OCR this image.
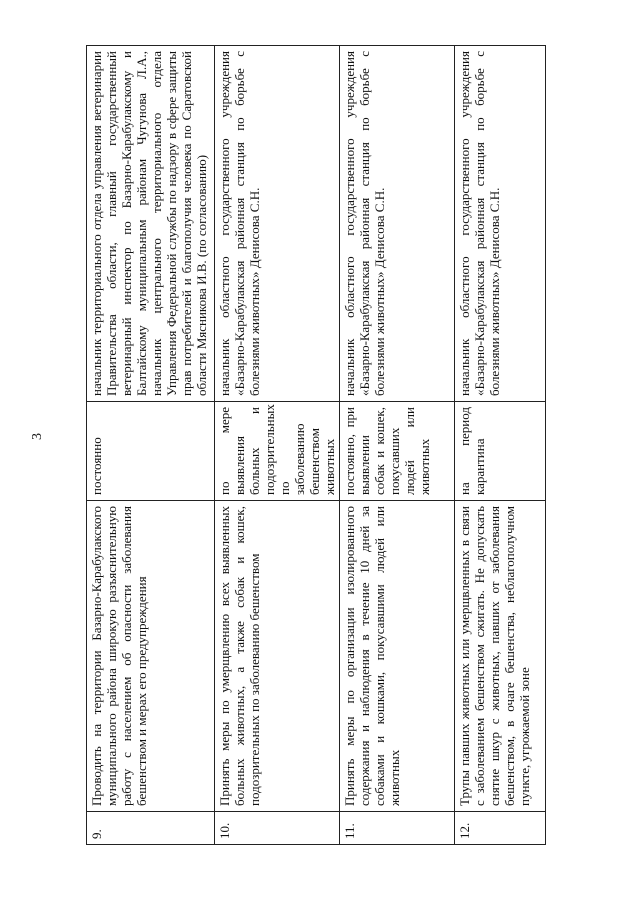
3
9.	Проводить на территории Базарно-Карабулакского муниципального района широкую разъяснительную работу с населением об опасности заболевания бешенством и мерах его предупреждения	постоянно	начальник территориального отдела управления ветеринарии Правительства области, главный государственный ветеринарный инспектор по Базарно-Карабулакскому и Балтайскому муниципальным районам Чугунова Л.А., начальник центрального территориального отдела Управления Федеральной службы по надзору в сфере защиты прав потребителей и благополучия человека по Саратовской области Мясникова И.В. (по согласованию)
10.	Принять меры по умерщвлению всех выявленных больных животных, а также собак и кошек, подозрительных по заболеванию бешенством	по мере выявления больных и подозрительных по заболеванию бешенством животных	начальник областного государственного учреждения «Базарно-Карабулакская районная станция по борьбе с болезнями животных» Денисова С.Н.
11.	Принять меры по организации изолированного содержания и наблюдения в течение 10 дней за собаками и кошками, покусавшими людей или животных	постоянно, при выявлении собак и кошек, покусавших людей или животных	начальник областного государственного учреждения «Базарно-Карабулакская районная станция по борьбе с болезнями животных» Денисова С.Н.
12.	Трупы павших животных или умерщвленных в связи с заболеванием бешенством сжигать. Не допускать снятие шкур с животных, павших от заболевания бешенством, в очаге бешенства, неблагополучном пункте, угрожаемой зоне	на период карантина	начальник областного государственного учреждения «Базарно-Карабулакская районная станция по борьбе с болезнями животных» Денисова С.Н.
